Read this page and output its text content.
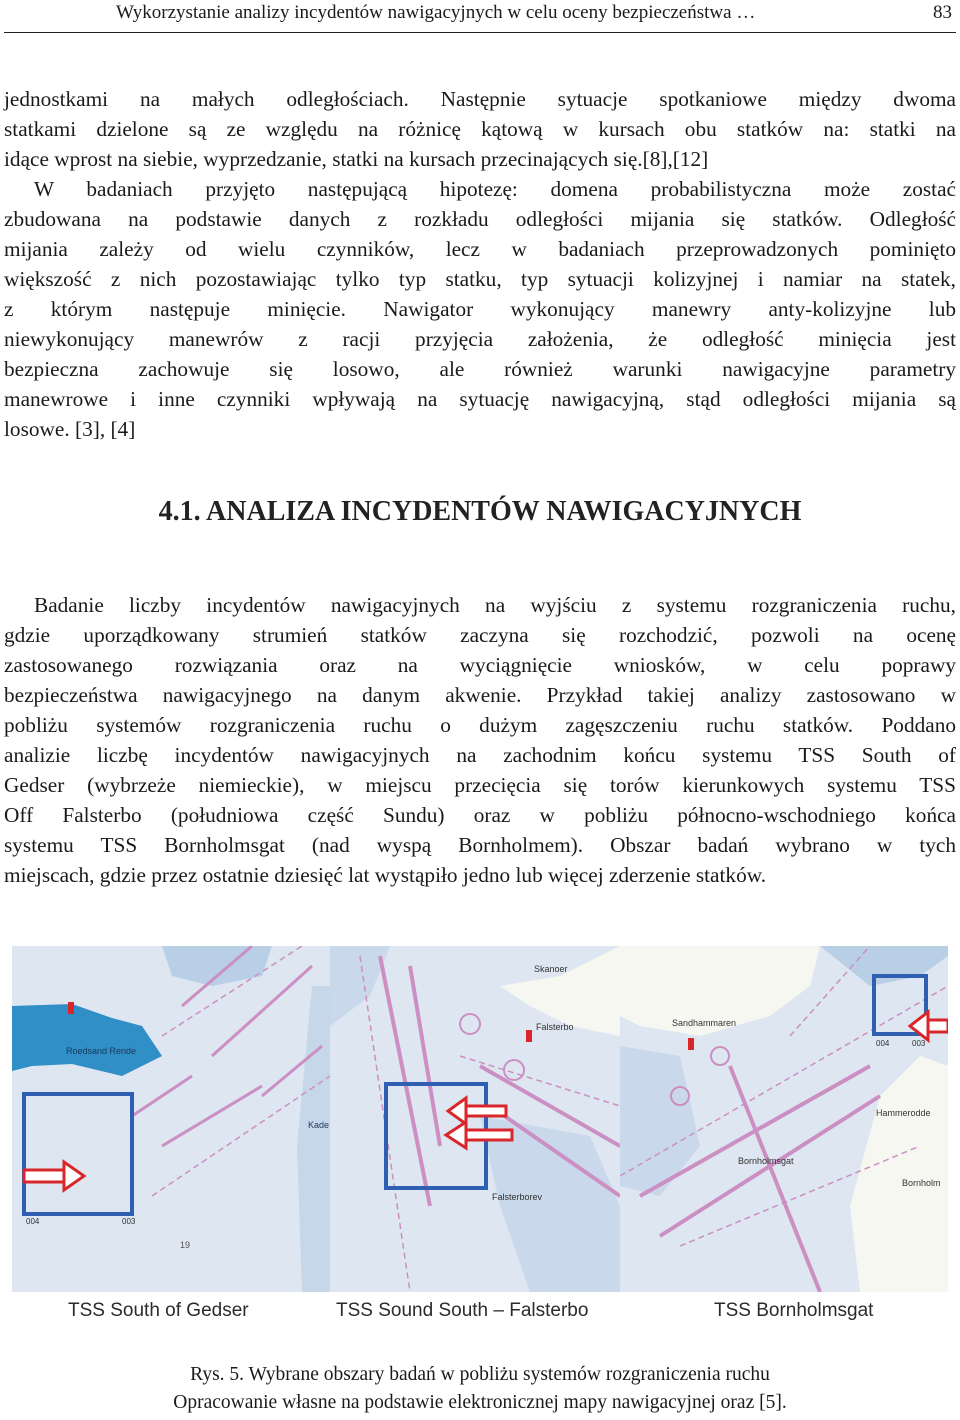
Wykorzystanie analizy incydentów nawigacyjnych w celu oceny bezpieczeństwa …	83
jednostkami na małych odległościach. Następnie sytuacje spotkaniowe między dwoma
statkami dzielone są ze względu na różnicę kątową w kursach obu statków na: statki na
idące wprost na siebie, wyprzedzanie, statki na kursach przecinających się.[8],[12]
W badaniach przyjęto następującą hipotezę: domena probabilistyczna może zostać
zbudowana na podstawie danych z rozkładu odległości mijania się statków. Odległość
mijania zależy od wielu czynników, lecz w badaniach przeprowadzonych pominięto
większość z nich pozostawiając tylko typ statku, typ sytuacji kolizyjnej i namiar na statek,
z którym następuje minięcie. Nawigator wykonujący manewry anty-kolizyjne lub
niewykonujący manewrów z racji przyjęcia założenia, że odległość minięcia jest
bezpieczna zachowuje się losowo, ale również warunki nawigacyjne parametry
manewrowe i inne czynniki wpływają na sytuację nawigacyjną, stąd odległości mijania są
losowe. [3], [4]
4.1. ANALIZA INCYDENTÓW NAWIGACYJNYCH
Badanie liczby incydentów nawigacyjnych na wyjściu z systemu rozgraniczenia ruchu,
gdzie uporządkowany strumień statków zaczyna się rozchodzić, pozwoli na ocenę
zastosowanego rozwiązania oraz na wyciągnięcie wniosków, w celu poprawy
bezpieczeństwa nawigacyjnego na danym akwenie. Przykład takiej analizy zastosowano w
pobliżu systemów rozgraniczenia ruchu o dużym zagęszczeniu ruchu statków. Poddano
analizie liczbę incydentów nawigacyjnych na zachodnim końcu systemu TSS South of
Gedser (wybrzeże niemieckie), w miejscu przecięcia się torów kierunkowych systemu TSS
Off Falsterbo (południowa część Sundu) oraz w pobliżu północno-wschodniego końca
systemu TSS Bornholmsgat (nad wyspą Bornholmem). Obszar badań wybrano w tych
miejscach, gdzie przez ostatnie dziesięć lat wystąpiło jedno lub więcej zderzenie statków.
Roedsand Rende
Kade
004	003
19
Skanoer
Falsterbo
Falsterborev
Sandhammaren
Hammerodde
Bornholmsgat
Bornholm
004	003
TSS South of Gedser	TSS Sound South – Falsterbo	TSS Bornholmsgat
Rys. 5. Wybrane obszary badań w pobliżu systemów rozgraniczenia ruchu
Opracowanie własne na podstawie elektronicznej mapy nawigacyjnej oraz [5].
